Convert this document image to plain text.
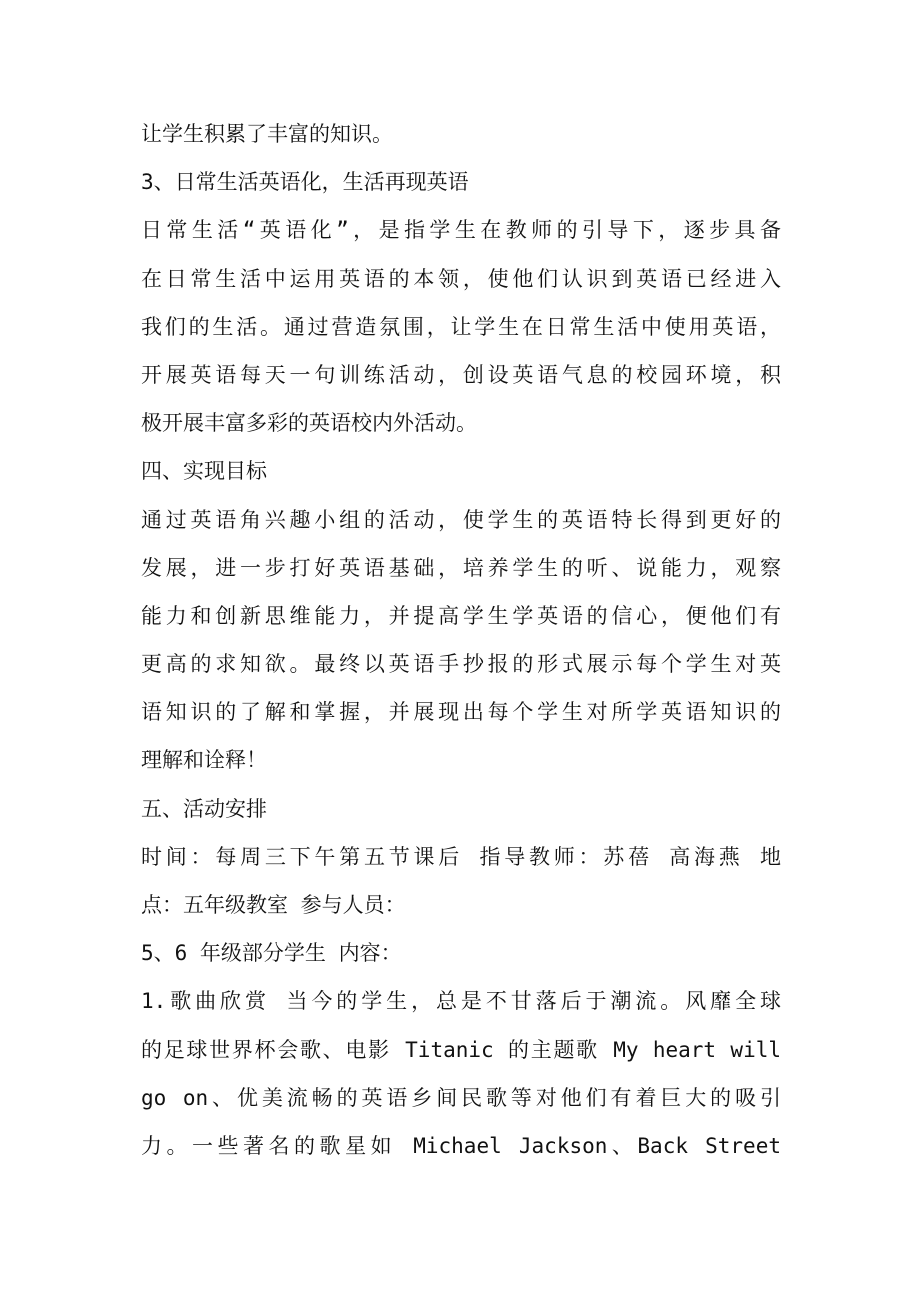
让学生积累了丰富的知识。
3、日常生活英语化，生活再现英语
日常生活“英语化”，是指学生在教师的引导下，逐步具备
在日常生活中运用英语的本领，使他们认识到英语已经进入
我们的生活。通过营造氛围，让学生在日常生活中使用英语，
开展英语每天一句训练活动，创设英语气息的校园环境，积
极开展丰富多彩的英语校内外活动。
四、实现目标
通过英语角兴趣小组的活动，使学生的英语特长得到更好的
发展，进一步打好英语基础，培养学生的听、说能力，观察
能力和创新思维能力，并提高学生学英语的信心，便他们有
更高的求知欲。最终以英语手抄报的形式展示每个学生对英
语知识的了解和掌握，并展现出每个学生对所学英语知识的
理解和诠释！
五、活动安排
时间：每周三下午第五节课后 指导教师：苏蓓 高海燕 地
点：五年级教室 参与人员：
5、6 年级部分学生 内容：
1.歌曲欣赏 当今的学生，总是不甘落后于潮流。风靡全球
的足球世界杯会歌、电影 Titanic 的主题歌 My heart will
go on、优美流畅的英语乡间民歌等对他们有着巨大的吸引
力。一些著名的歌星如 Michael Jackson、Back Street
